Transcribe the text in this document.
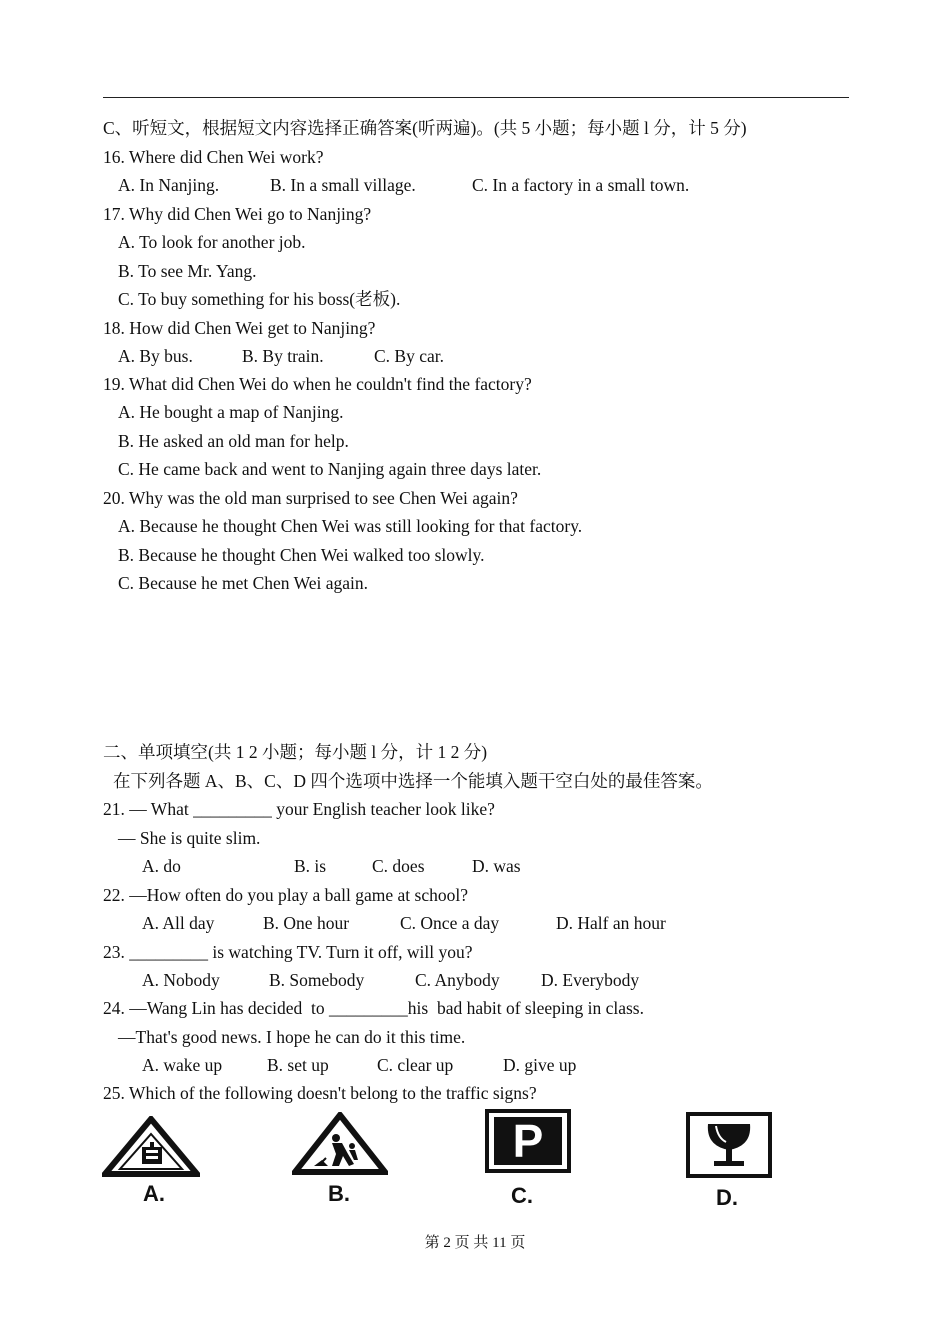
C、听短文，根据短文内容选择正确答案(听两遍)。(共 5 小题；每小题 l 分，计 5 分)
16. Where did Chen Wei work?
A. In Nanjing.	B. In a small village.	C. In a factory in a small town.
17. Why did Chen Wei go to Nanjing?
A. To look for another job.
B. To see Mr. Yang.
C. To buy something for his boss(老板).
18. How did Chen Wei get to Nanjing?
A. By bus.	B. By train.	C. By car.
19. What did Chen Wei do when he couldn't find the factory?
A. He bought a map of Nanjing.
B. He asked an old man for help.
C. He came back and went to Nanjing again three days later.
20. Why was the old man surprised to see Chen Wei again?
A. Because he thought Chen Wei was still looking for that factory.
B. Because he thought Chen Wei walked too slowly.
C. Because he met Chen Wei again.
二、单项填空(共 1 2 小题；每小题 l 分，计 1 2 分)
在下列各题 A、B、C、D 四个选项中选择一个能填入题干空白处的最佳答案。
21. — What _________ your English teacher look like?
— She is quite slim.
A. do	B. is	C. does	D. was
22. —How often do you play a ball game at school?
A. All day	B. One hour	C. Once a day	D. Half an hour
23. _________ is watching TV. Turn it off, will you?
A. Nobody	B. Somebody	C. Anybody D. Everybody
24. —Wang Lin has decided  to _________his  bad habit of sleeping in class.
—That's good news. I hope he can do it this time.
A. wake up	B. set up	C. clear up	D. give up
25. Which of the following doesn't belong to the traffic signs?
A.	B.
P
C.	D.
第 2 页 共 11 页
